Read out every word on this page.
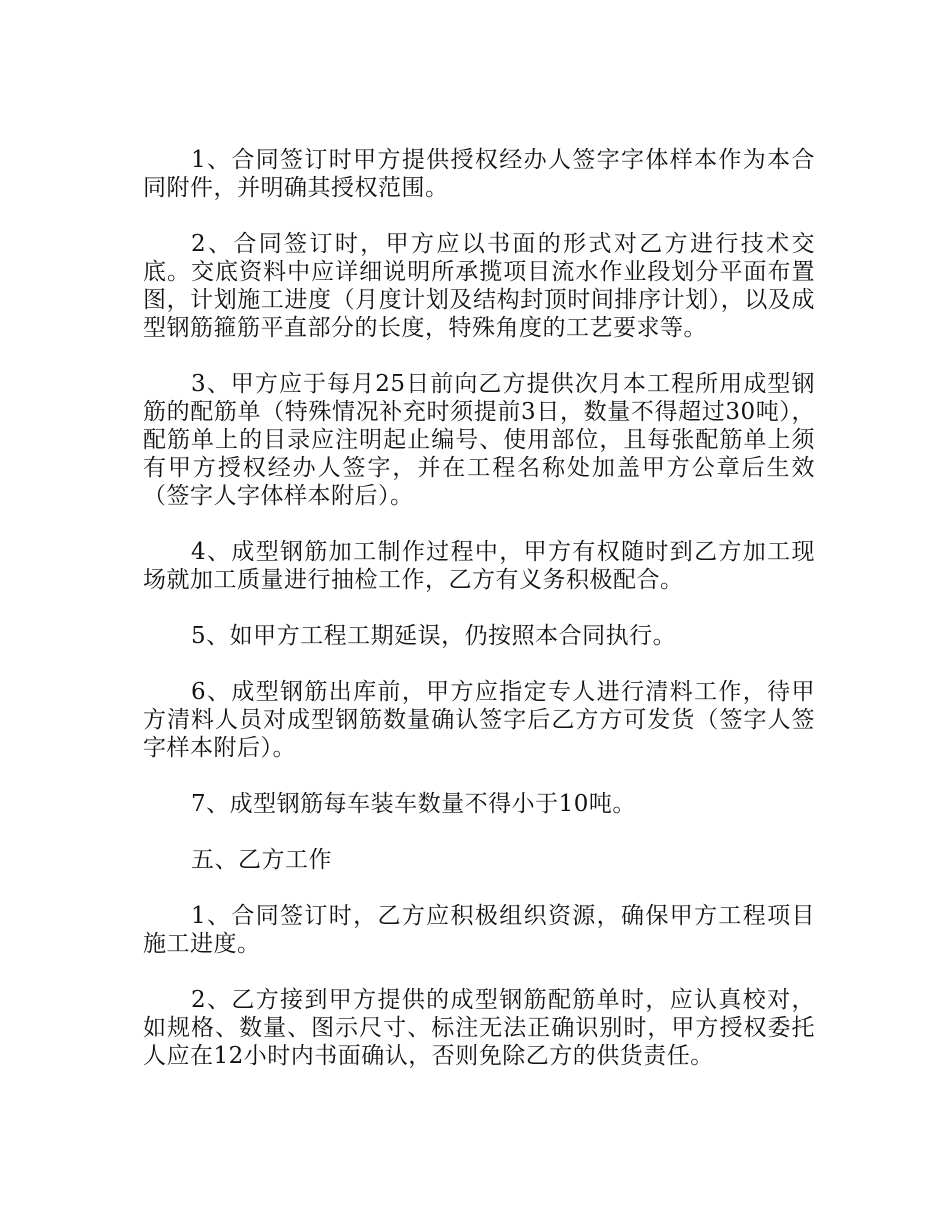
1、合同签订时甲方提供授权经办人签字字体样本作为本合同附件，并明确其授权范围。

2、合同签订时，甲方应以书面的形式对乙方进行技术交底。交底资料中应详细说明所承揽项目流水作业段划分平面布置图，计划施工进度（月度计划及结构封顶时间排序计划），以及成型钢筋箍筋平直部分的长度，特殊角度的工艺要求等。

3、甲方应于每月25日前向乙方提供次月本工程所用成型钢筋的配筋单（特殊情况补充时须提前3日，数量不得超过30吨），配筋单上的目录应注明起止编号、使用部位，且每张配筋单上须有甲方授权经办人签字，并在工程名称处加盖甲方公章后生效（签字人字体样本附后）。

4、成型钢筋加工制作过程中，甲方有权随时到乙方加工现场就加工质量进行抽检工作，乙方有义务积极配合。

5、如甲方工程工期延误，仍按照本合同执行。

6、成型钢筋出库前，甲方应指定专人进行清料工作，待甲方清料人员对成型钢筋数量确认签字后乙方方可发货（签字人签字样本附后）。

7、成型钢筋每车装车数量不得小于10吨。

五、乙方工作

1、合同签订时，乙方应积极组织资源，确保甲方工程项目施工进度。

2、乙方接到甲方提供的成型钢筋配筋单时，应认真校对，如规格、数量、图示尺寸、标注无法正确识别时，甲方授权委托人应在12小时内书面确认，否则免除乙方的供货责任。
